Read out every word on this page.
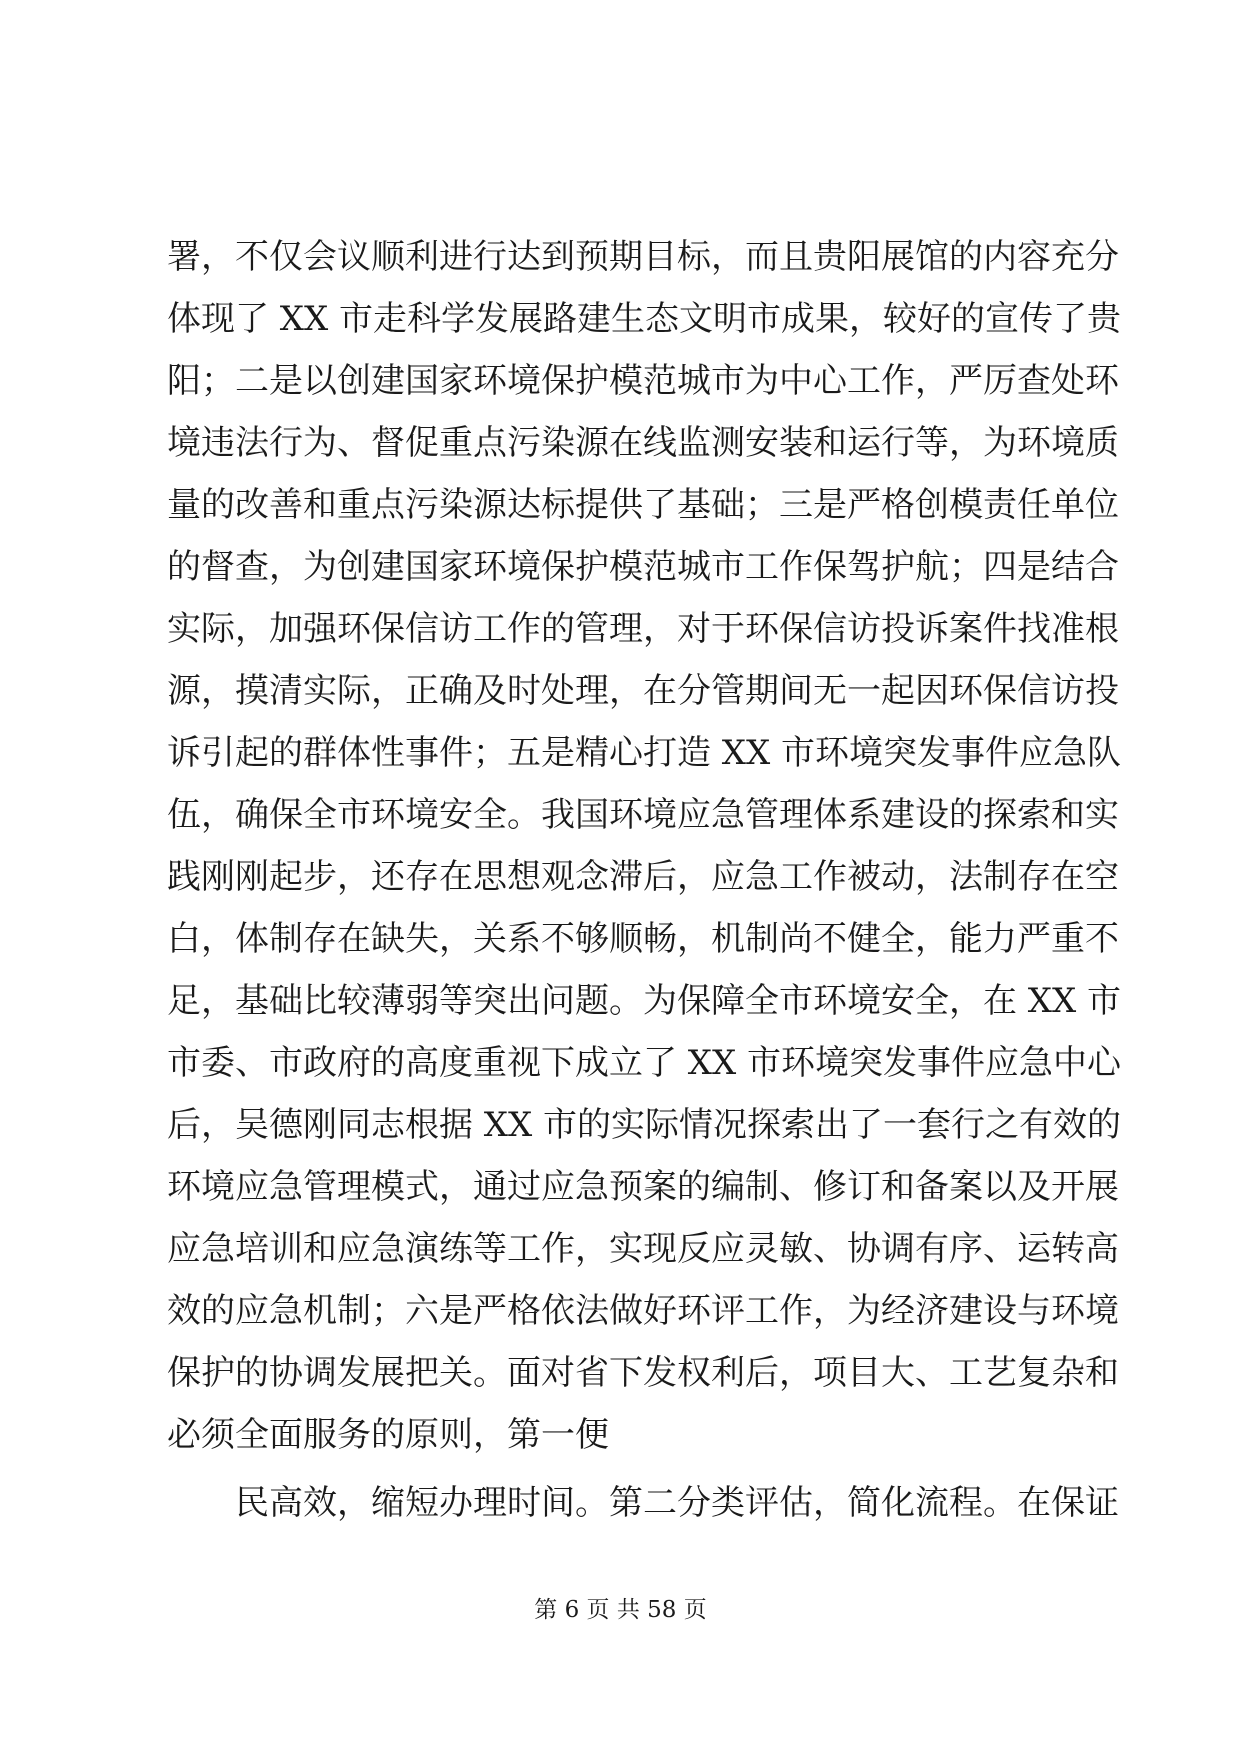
署，不仅会议顺利进行达到预期目标，而且贵阳展馆的内容充分
体现了 XX 市走科学发展路建生态文明市成果，较好的宣传了贵
阳；二是以创建国家环境保护模范城市为中心工作，严厉查处环
境违法行为、督促重点污染源在线监测安装和运行等，为环境质
量的改善和重点污染源达标提供了基础；三是严格创模责任单位
的督查，为创建国家环境保护模范城市工作保驾护航；四是结合
实际，加强环保信访工作的管理，对于环保信访投诉案件找准根
源，摸清实际，正确及时处理，在分管期间无一起因环保信访投
诉引起的群体性事件；五是精心打造 XX 市环境突发事件应急队
伍，确保全市环境安全。我国环境应急管理体系建设的探索和实
践刚刚起步，还存在思想观念滞后，应急工作被动，法制存在空
白，体制存在缺失，关系不够顺畅，机制尚不健全，能力严重不
足，基础比较薄弱等突出问题。为保障全市环境安全，在 XX 市
市委、市政府的高度重视下成立了 XX 市环境突发事件应急中心
后，吴德刚同志根据 XX 市的实际情况探索出了一套行之有效的
环境应急管理模式，通过应急预案的编制、修订和备案以及开展
应急培训和应急演练等工作，实现反应灵敏、协调有序、运转高
效的应急机制；六是严格依法做好环评工作，为经济建设与环境
保护的协调发展把关。面对省下发权利后，项目大、工艺复杂和
必须全面服务的原则，第一便
民高效，缩短办理时间。第二分类评估，简化流程。在保证
第 6 页 共 58 页
